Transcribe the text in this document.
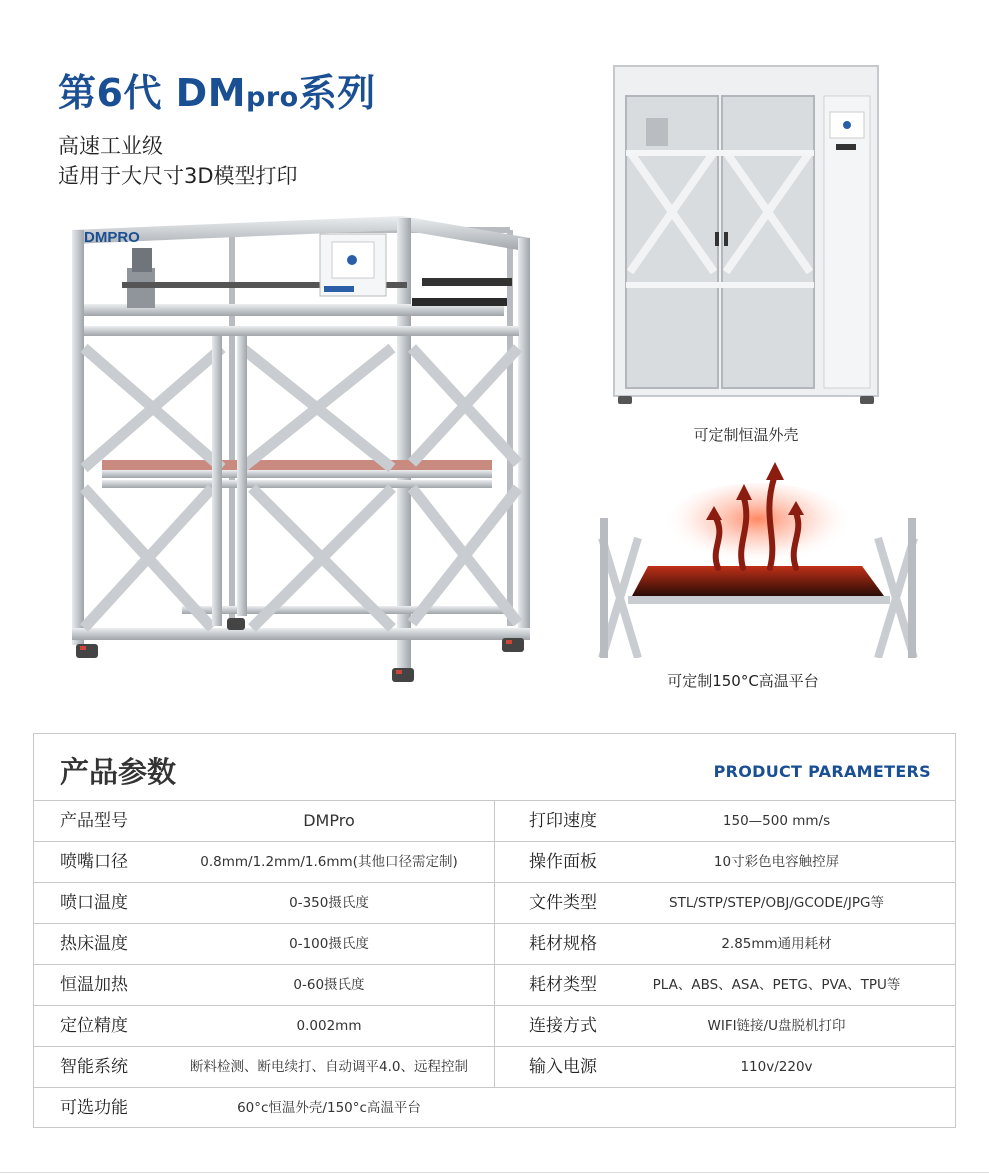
第6代 DMpro系列
高速工业级
适用于大尺寸3D模型打印
DMPRO
可定制恒温外壳
可定制150°C高温平台
产品参数	PRODUCT PARAMETERS
产品型号	DMPro	打印速度	150—500 mm/s
喷嘴口径	0.8mm/1.2mm/1.6mm(其他口径需定制)	操作面板	10寸彩色电容触控屏
喷口温度	0-350摄氏度	文件类型	STL/STP/STEP/OBJ/GCODE/JPG等
热床温度	0-100摄氏度	耗材规格	2.85mm通用耗材
恒温加热	0-60摄氏度	耗材类型	PLA、ABS、ASA、PETG、PVA、TPU等
定位精度	0.002mm	连接方式	WIFI链接/U盘脱机打印
智能系统	断料检测、断电续打、自动调平4.0、远程控制	输入电源	110v/220v
可选功能	60°c恒温外壳/150°c高温平台
